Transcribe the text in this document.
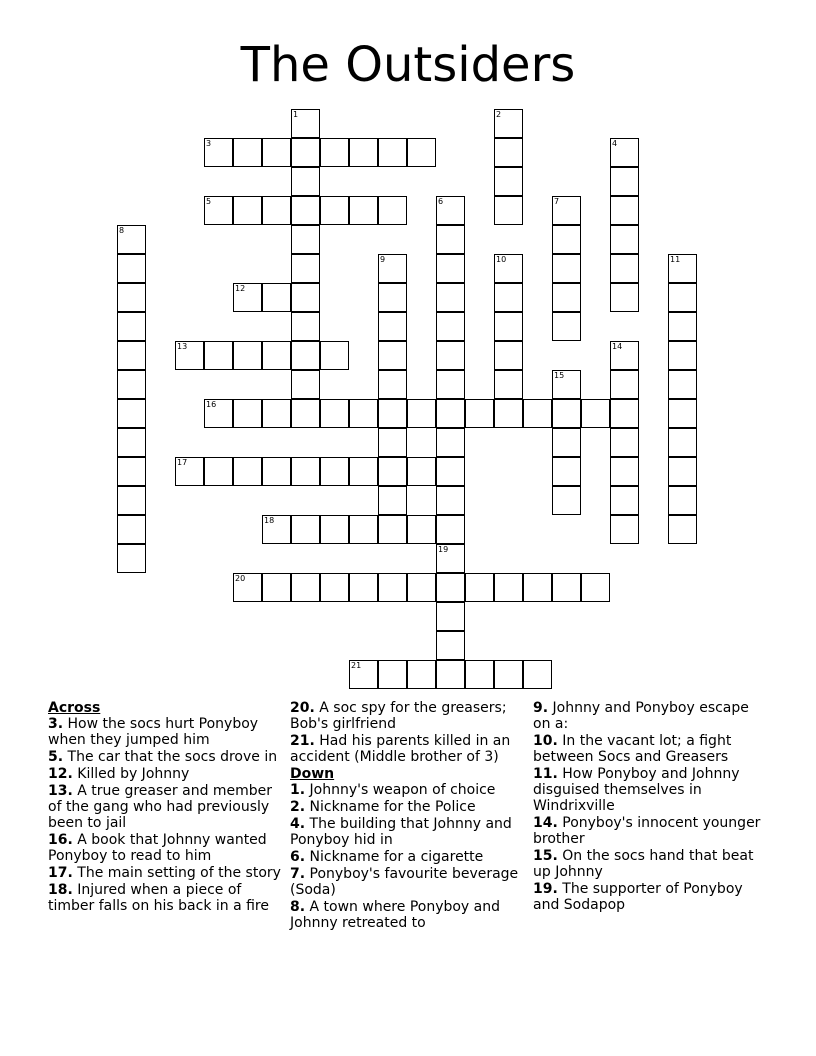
The Outsiders
3
5
12
13
16
17
18
20
21
1	2
4
6	7
8
9	10	11
14
15
19
Across
3. How the socs hurt Ponyboy when they jumped him
5. The car that the socs drove in
12. Killed by Johnny
13. A true greaser and member of the gang who had previously been to jail
16. A book that Johnny wanted Ponyboy to read to him
17. The main setting of the story
18. Injured when a piece of timber falls on his back in a fire
20. A soc spy for the greasers; Bob's girlfriend
21. Had his parents killed in an accident (Middle brother of 3)
Down
1. Johnny's weapon of choice
2. Nickname for the Police
4. The building that Johnny and Ponyboy hid in
6. Nickname for a cigarette
7. Ponyboy's favourite beverage (Soda)
8. A town where Ponyboy and Johnny retreated to
9. Johnny and Ponyboy escape on a:
10. In the vacant lot; a fight between Socs and Greasers
11. How Ponyboy and Johnny disguised themselves in Windrixville
14. Ponyboy's innocent younger brother
15. On the socs hand that beat up Johnny
19. The supporter of Ponyboy and Sodapop
